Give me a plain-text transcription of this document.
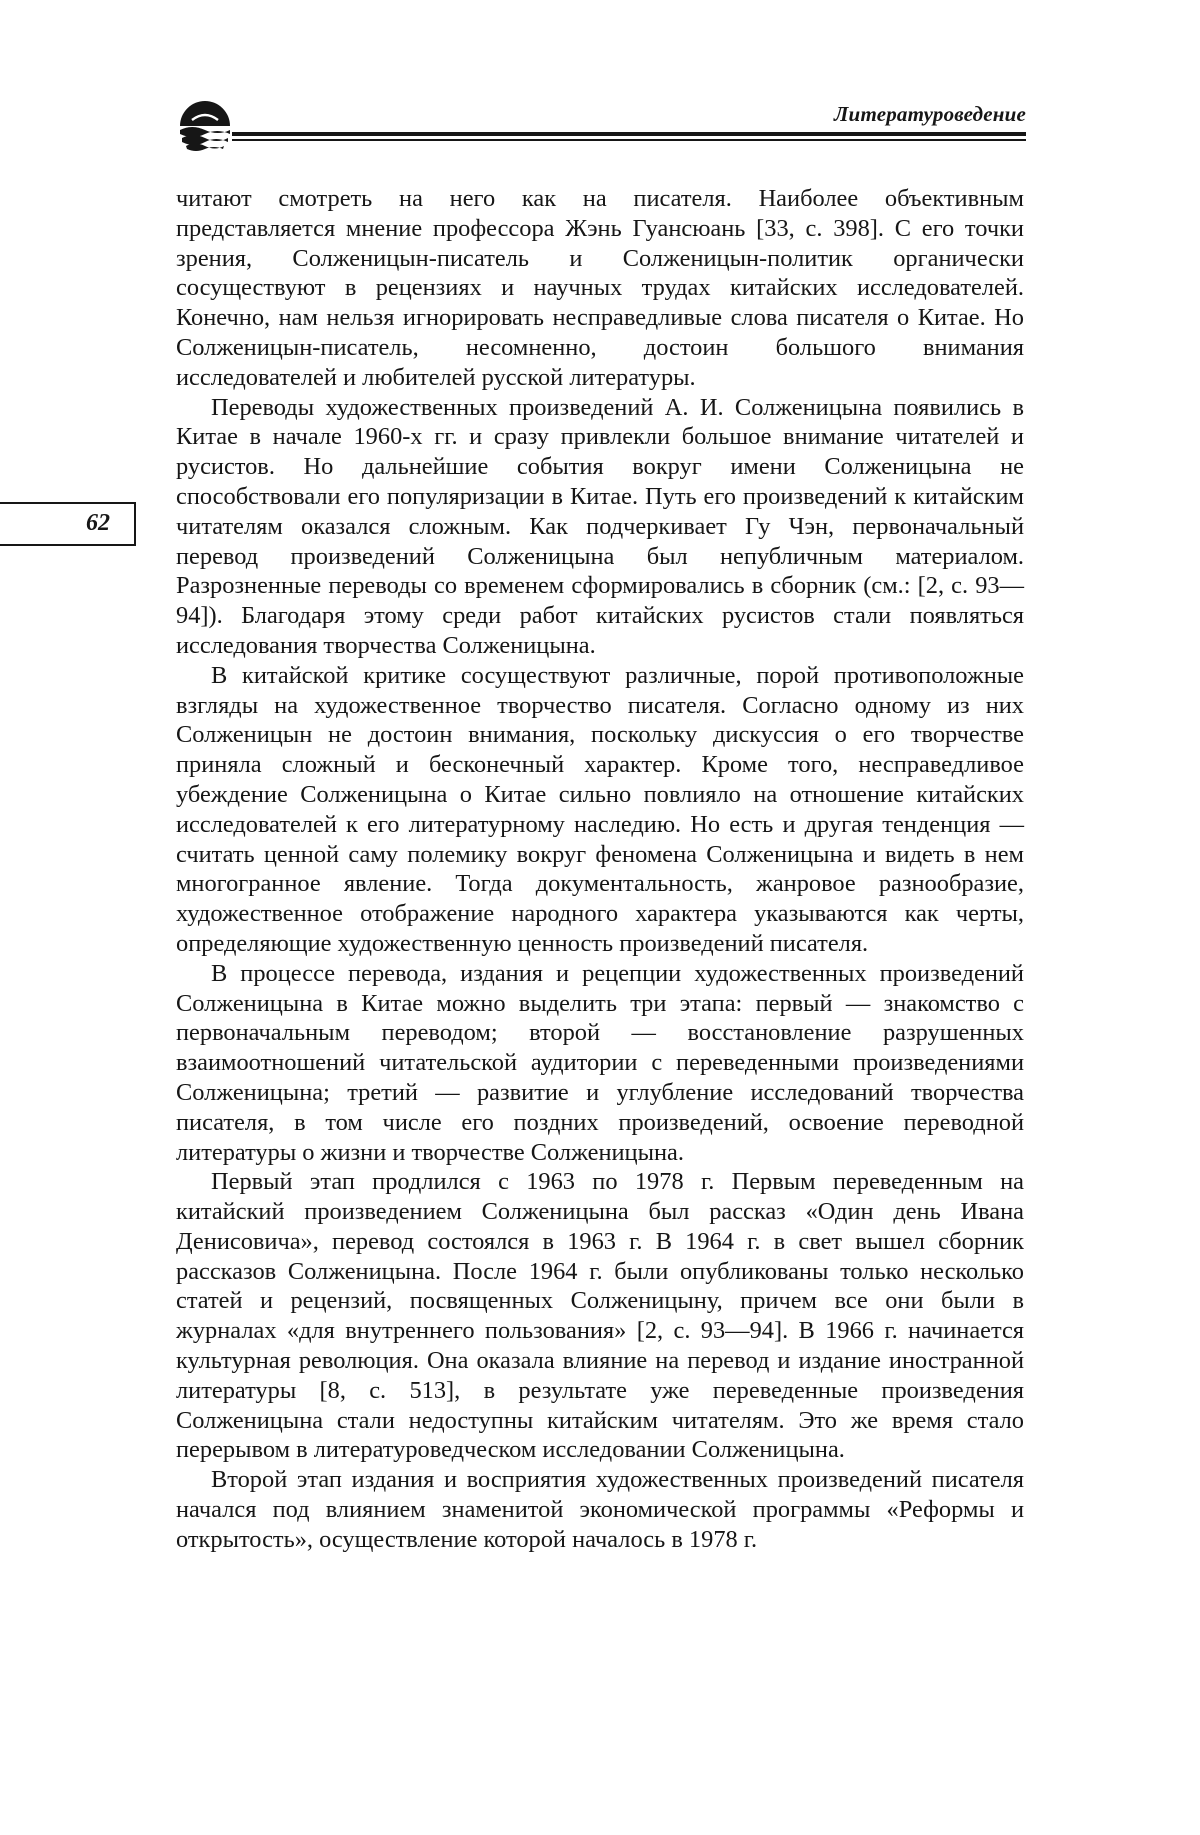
Литературоведение
62

читают смотреть на него как на писателя. Наиболее объективным представляется мнение профессора Жэнь Гуансюань [33, с. 398]. С его точки зрения, Солженицын-писатель и Солженицын-политик органически сосуществуют в рецензиях и научных трудах китайских исследователей. Конечно, нам нельзя игнорировать несправедливые слова писателя о Китае. Но Солженицын-писатель, несомненно, достоин большого внимания исследователей и любителей русской литературы.

Переводы художественных произведений А. И. Солженицына появились в Китае в начале 1960-х гг. и сразу привлекли большое внимание читателей и русистов. Но дальнейшие события вокруг имени Солженицына не способствовали его популяризации в Китае. Путь его произведений к китайским читателям оказался сложным. Как подчеркивает Гу Чэн, первоначальный перевод произведений Солженицына был непубличным материалом. Разрозненные переводы со временем сформировались в сборник (см.: [2, с. 93—94]). Благодаря этому среди работ китайских русистов стали появляться исследования творчества Солженицына.

В китайской критике сосуществуют различные, порой противоположные взгляды на художественное творчество писателя. Согласно одному из них Солженицын не достоин внимания, поскольку дискуссия о его творчестве приняла сложный и бесконечный характер. Кроме того, несправедливое убеждение Солженицына о Китае сильно повлияло на отношение китайских исследователей к его литературному наследию. Но есть и другая тенденция — считать ценной саму полемику вокруг феномена Солженицына и видеть в нем многогранное явление. Тогда документальность, жанровое разнообразие, художественное отображение народного характера указываются как черты, определяющие художественную ценность произведений писателя.

В процессе перевода, издания и рецепции художественных произведений Солженицына в Китае можно выделить три этапа: первый — знакомство с первоначальным переводом; второй — восстановление разрушенных взаимоотношений читательской аудитории с переведенными произведениями Солженицына; третий — развитие и углубление исследований творчества писателя, в том числе его поздних произведений, освоение переводной литературы о жизни и творчестве Солженицына.

Первый этап продлился с 1963 по 1978 г. Первым переведенным на китайский произведением Солженицына был рассказ «Один день Ивана Денисовича», перевод состоялся в 1963 г. В 1964 г. в свет вышел сборник рассказов Солженицына. После 1964 г. были опубликованы только несколько статей и рецензий, посвященных Солженицыну, причем все они были в журналах «для внутреннего пользования» [2, с. 93—94]. В 1966 г. начинается культурная революция. Она оказала влияние на перевод и издание иностранной литературы [8, с. 513], в результате уже переведенные произведения Солженицына стали недоступны китайским читателям. Это же время стало перерывом в литературоведческом исследовании Солженицына.

Второй этап издания и восприятия художественных произведений писателя начался под влиянием знаменитой экономической программы «Реформы и открытость», осуществление которой началось в 1978 г.
